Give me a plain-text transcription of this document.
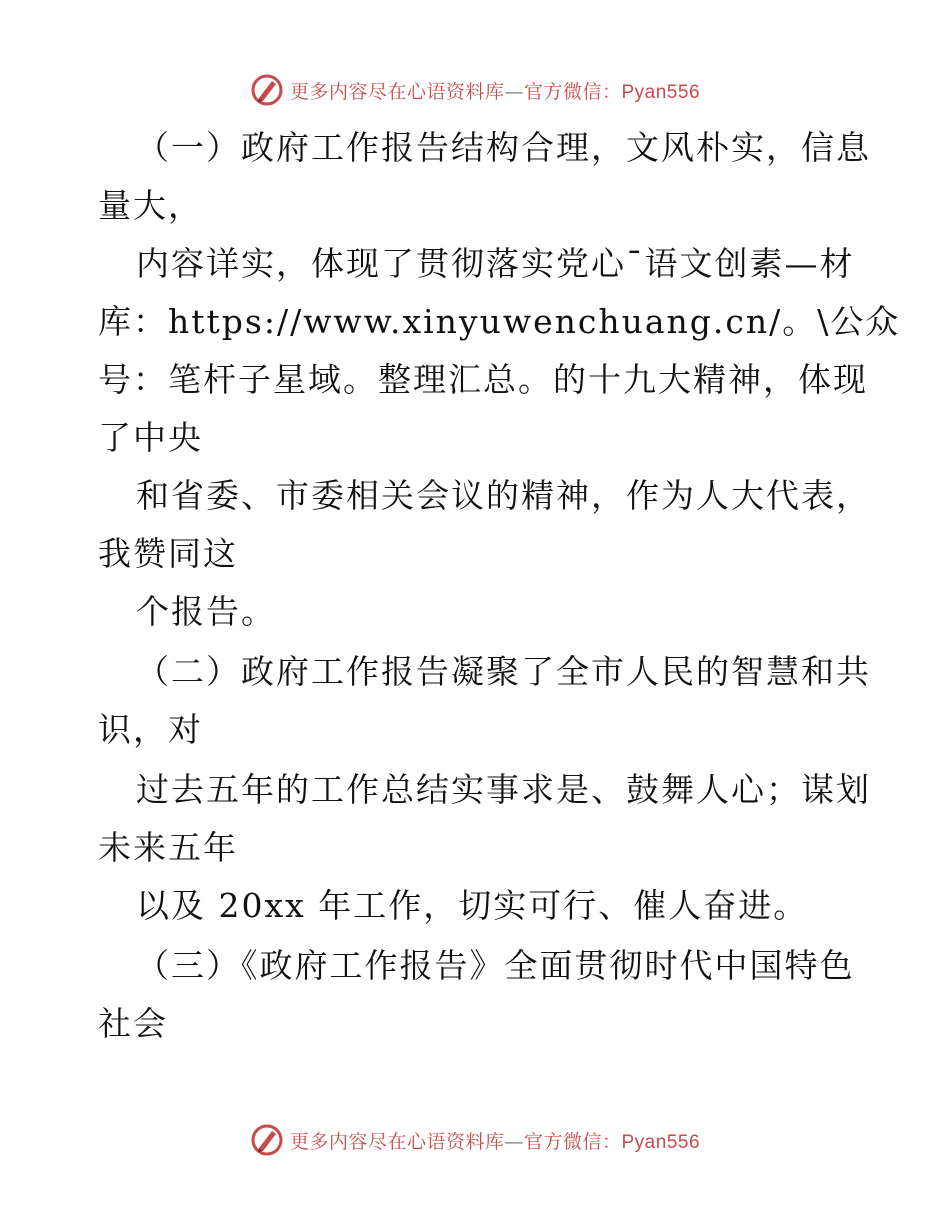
更多内容尽在心语资料库—官方微信：Pyan556
（一）政府工作报告结构合理，文风朴实，信息
量大，
内容详实，体现了贯彻落实党心¯语文创素—材
库：https://www.xinyuwenchuang.cn/。\公众
号：笔杆子星域。整理汇总。的十九大精神，体现
了中央
和省委、市委相关会议的精神，作为人大代表，
我赞同这
个报告。
（二）政府工作报告凝聚了全市人民的智慧和共
识，对
过去五年的工作总结实事求是、鼓舞人心；谋划
未来五年
以及 20xx 年工作，切实可行、催人奋进。
（三）《政府工作报告》全面贯彻时代中国特色
社会
更多内容尽在心语资料库—官方微信：Pyan556
